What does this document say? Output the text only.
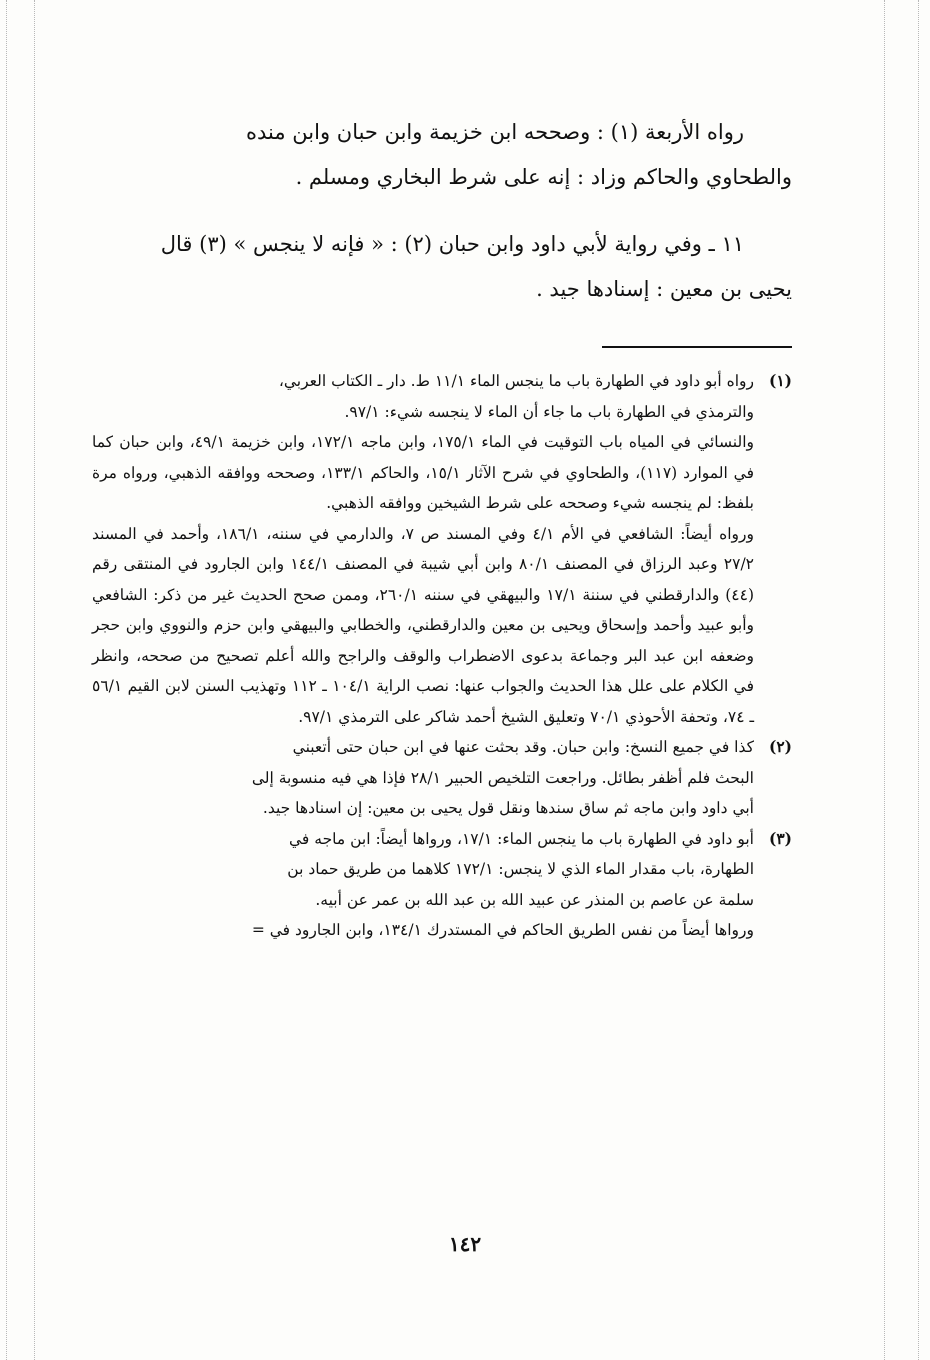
رواه الأربعة (١) : وصححه ابن خزيمة وابن حبان وابن منده

والطحاوي والحاكم وزاد : إنه على شرط البخاري ومسلم .

١١ ـ وفي رواية لأبي داود وابن حبان (٢) : « فإنه لا ينجس » (٣) قال

يحيى بن معين : إسنادها جيد .

(١)
رواه أبو داود في الطهارة باب ما ينجس الماء ١١/١ ط. دار ـ الكتاب العربي،
والترمذي في الطهارة باب ما جاء أن الماء لا ينجسه شيء: ٩٧/١.
والنسائي في المياه باب التوقيت في الماء ١٧٥/١، وابن ماجه ١٧٢/١، وابن خزيمة ٤٩/١، وابن حبان كما في الموارد (١١٧)، والطحاوي في شرح الآثار ١٥/١، والحاكم ١٣٣/١، وصححه ووافقه الذهبي، ورواه مرة بلفظ: لم ينجسه شيء وصححه على شرط الشيخين ووافقه الذهبي.
ورواه أيضاً: الشافعي في الأم ٤/١ وفي المسند ص ٧، والدارمي في سننه، ١٨٦/١، وأحمد في المسند ٢٧/٢ وعبد الرزاق في المصنف ٨٠/١ وابن أبي شيبة في المصنف ١٤٤/١ وابن الجارود في المنتقى رقم (٤٤) والدارقطني في سننة ١٧/١ والبيهقي في سننه ٢٦٠/١، وممن صحح الحديث غير من ذكر: الشافعي وأبو عبيد وأحمد وإسحاق ويحيى بن معين والدارقطني، والخطابي والبيهقي وابن حزم والنووي وابن حجر وضعفه ابن عبد البر وجماعة بدعوى الاضطراب والوقف والراجح والله أعلم تصحيح من صححه، وانظر في الكلام على علل هذا الحديث والجواب عنها: نصب الراية ١٠٤/١ ـ ١١٢ وتهذيب السنن لابن القيم ٥٦/١ ـ ٧٤، وتحفة الأحوذي ٧٠/١ وتعليق الشيخ أحمد شاكر على الترمذي ٩٧/١.
(٢)
كذا في جميع النسخ: وابن حبان. وقد بحثت عنها في ابن حبان حتى أتعبني
البحث فلم أظفر بطائل. وراجعت التلخيص الحبير ٢٨/١ فإذا هي فيه منسوبة إلى
أبي داود وابن ماجه ثم ساق سندها ونقل قول يحيى بن معين: إن اسنادها جيد.
(٣)
أبو داود في الطهارة باب ما ينجس الماء: ١٧/١، ورواها أيضاً: ابن ماجه في
الطهارة، باب مقدار الماء الذي لا ينجس: ١٧٢/١ كلاهما من طريق حماد بن
سلمة عن عاصم بن المنذر عن عبيد الله بن عبد الله بن عمر عن أبيه.
ورواها أيضاً من نفس الطريق الحاكم في المستدرك ١٣٤/١، وابن الجارود في =
١٤٢
